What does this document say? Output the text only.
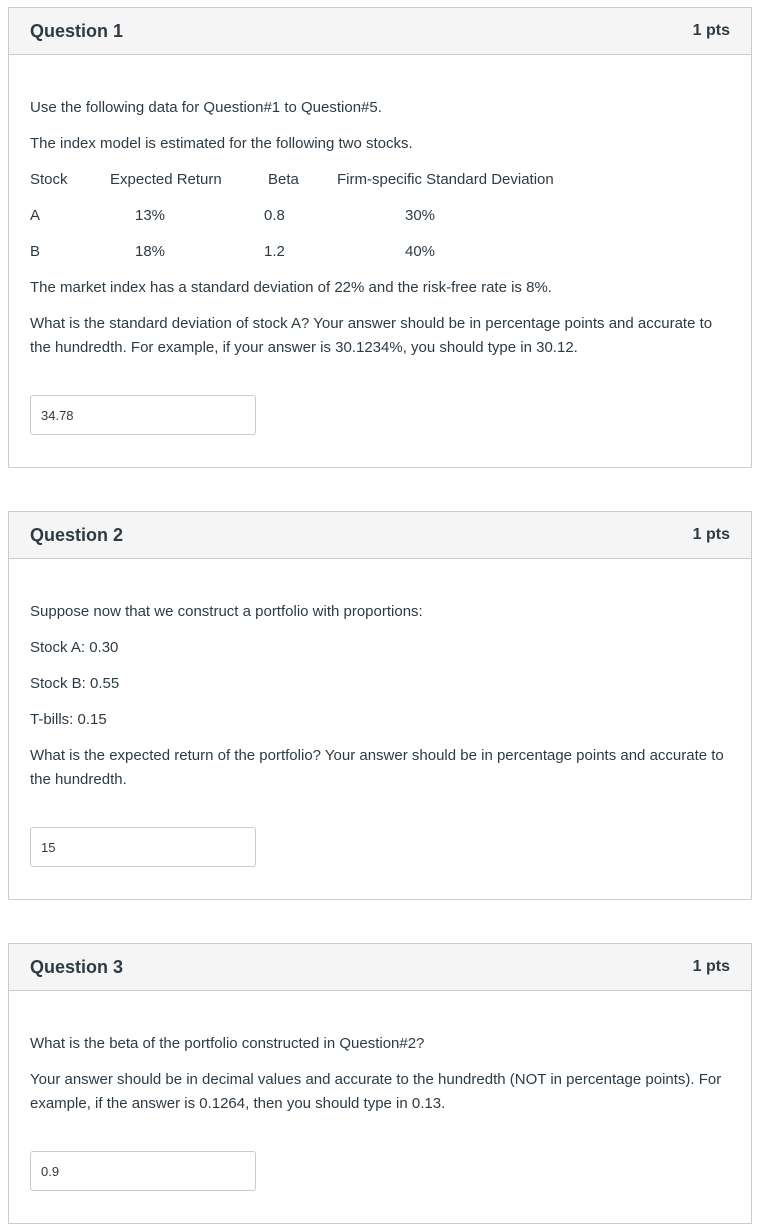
Question 1	1 pts

Use the following data for Question#1 to Question#5.

The index model is estimated for the following two stocks.

Stock	Expected Return	Beta	Firm-specific Standard Deviation
A	13%	0.8	30%
B	18%	1.2	40%

The market index has a standard deviation of 22% and the risk-free rate is 8%.

What is the standard deviation of stock A? Your answer should be in percentage points and accurate to the hundredth. For example, if your answer is 30.1234%, you should type in 30.12.

34.78
Question 2	1 pts

Suppose now that we construct a portfolio with proportions:

Stock A: 0.30

Stock B: 0.55

T-bills: 0.15

What is the expected return of the portfolio? Your answer should be in percentage points and accurate to the hundredth.

15
Question 3	1 pts

What is the beta of the portfolio constructed in Question#2?

Your answer should be in decimal values and accurate to the hundredth (NOT in percentage points). For example, if the answer is 0.1264, then you should type in 0.13.

0.9
